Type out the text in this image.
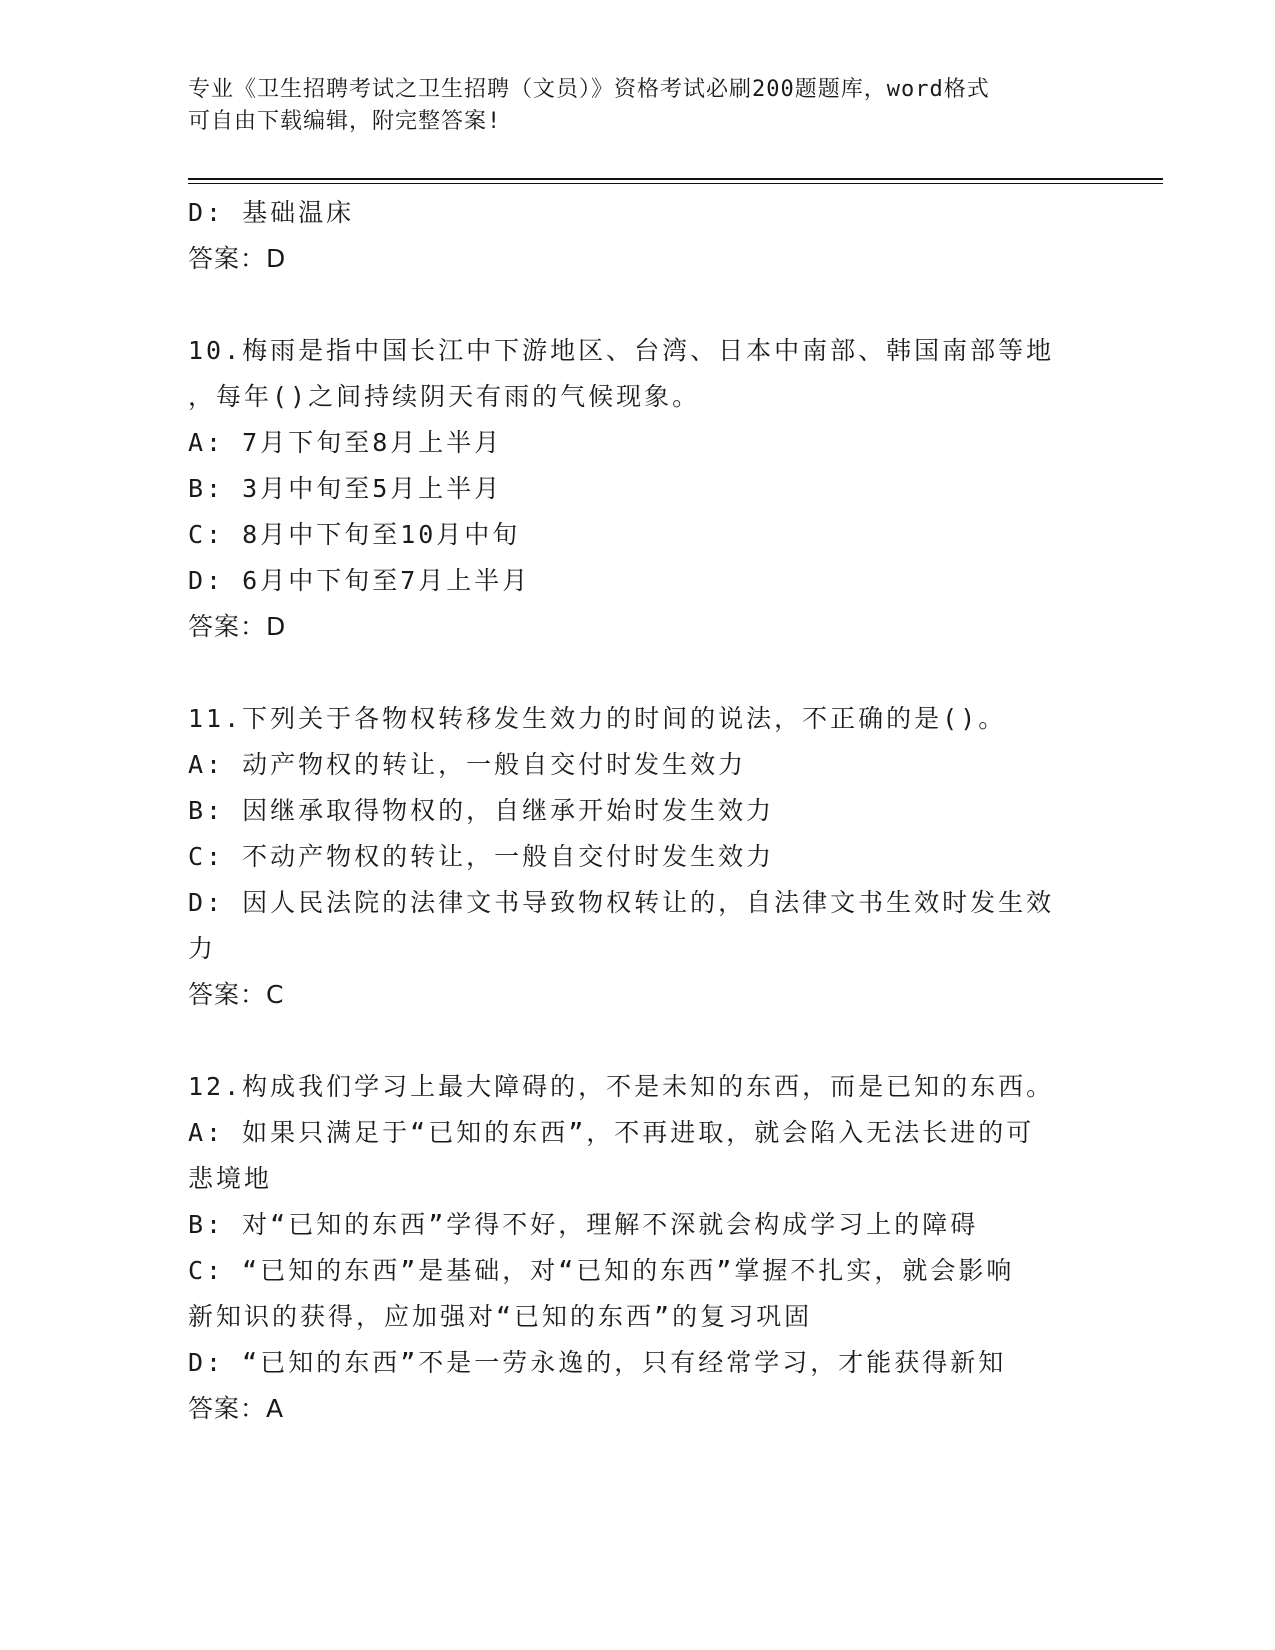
专业《卫生招聘考试之卫生招聘（文员）》资格考试必刷200题题库，word格式
可自由下载编辑，附完整答案!
D: 基础温床
答案：D
10.梅雨是指中国长江中下游地区、台湾、日本中南部、韩国南部等地
，每年()之间持续阴天有雨的气候现象。
A: 7月下旬至8月上半月
B: 3月中旬至5月上半月
C: 8月中下旬至10月中旬
D: 6月中下旬至7月上半月
答案：D
11.下列关于各物权转移发生效力的时间的说法，不正确的是()。
A: 动产物权的转让，一般自交付时发生效力
B: 因继承取得物权的，自继承开始时发生效力
C: 不动产物权的转让，一般自交付时发生效力
D: 因人民法院的法律文书导致物权转让的，自法律文书生效时发生效
力
答案：C
12.构成我们学习上最大障碍的，不是未知的东西，而是已知的东西。
A: 如果只满足于“已知的东西”，不再进取，就会陷入无法长进的可
悲境地
B: 对“已知的东西”学得不好，理解不深就会构成学习上的障碍
C: “已知的东西”是基础，对“已知的东西”掌握不扎实，就会影响
新知识的获得，应加强对“已知的东西”的复习巩固
D: “已知的东西”不是一劳永逸的，只有经常学习，才能获得新知
答案：A
